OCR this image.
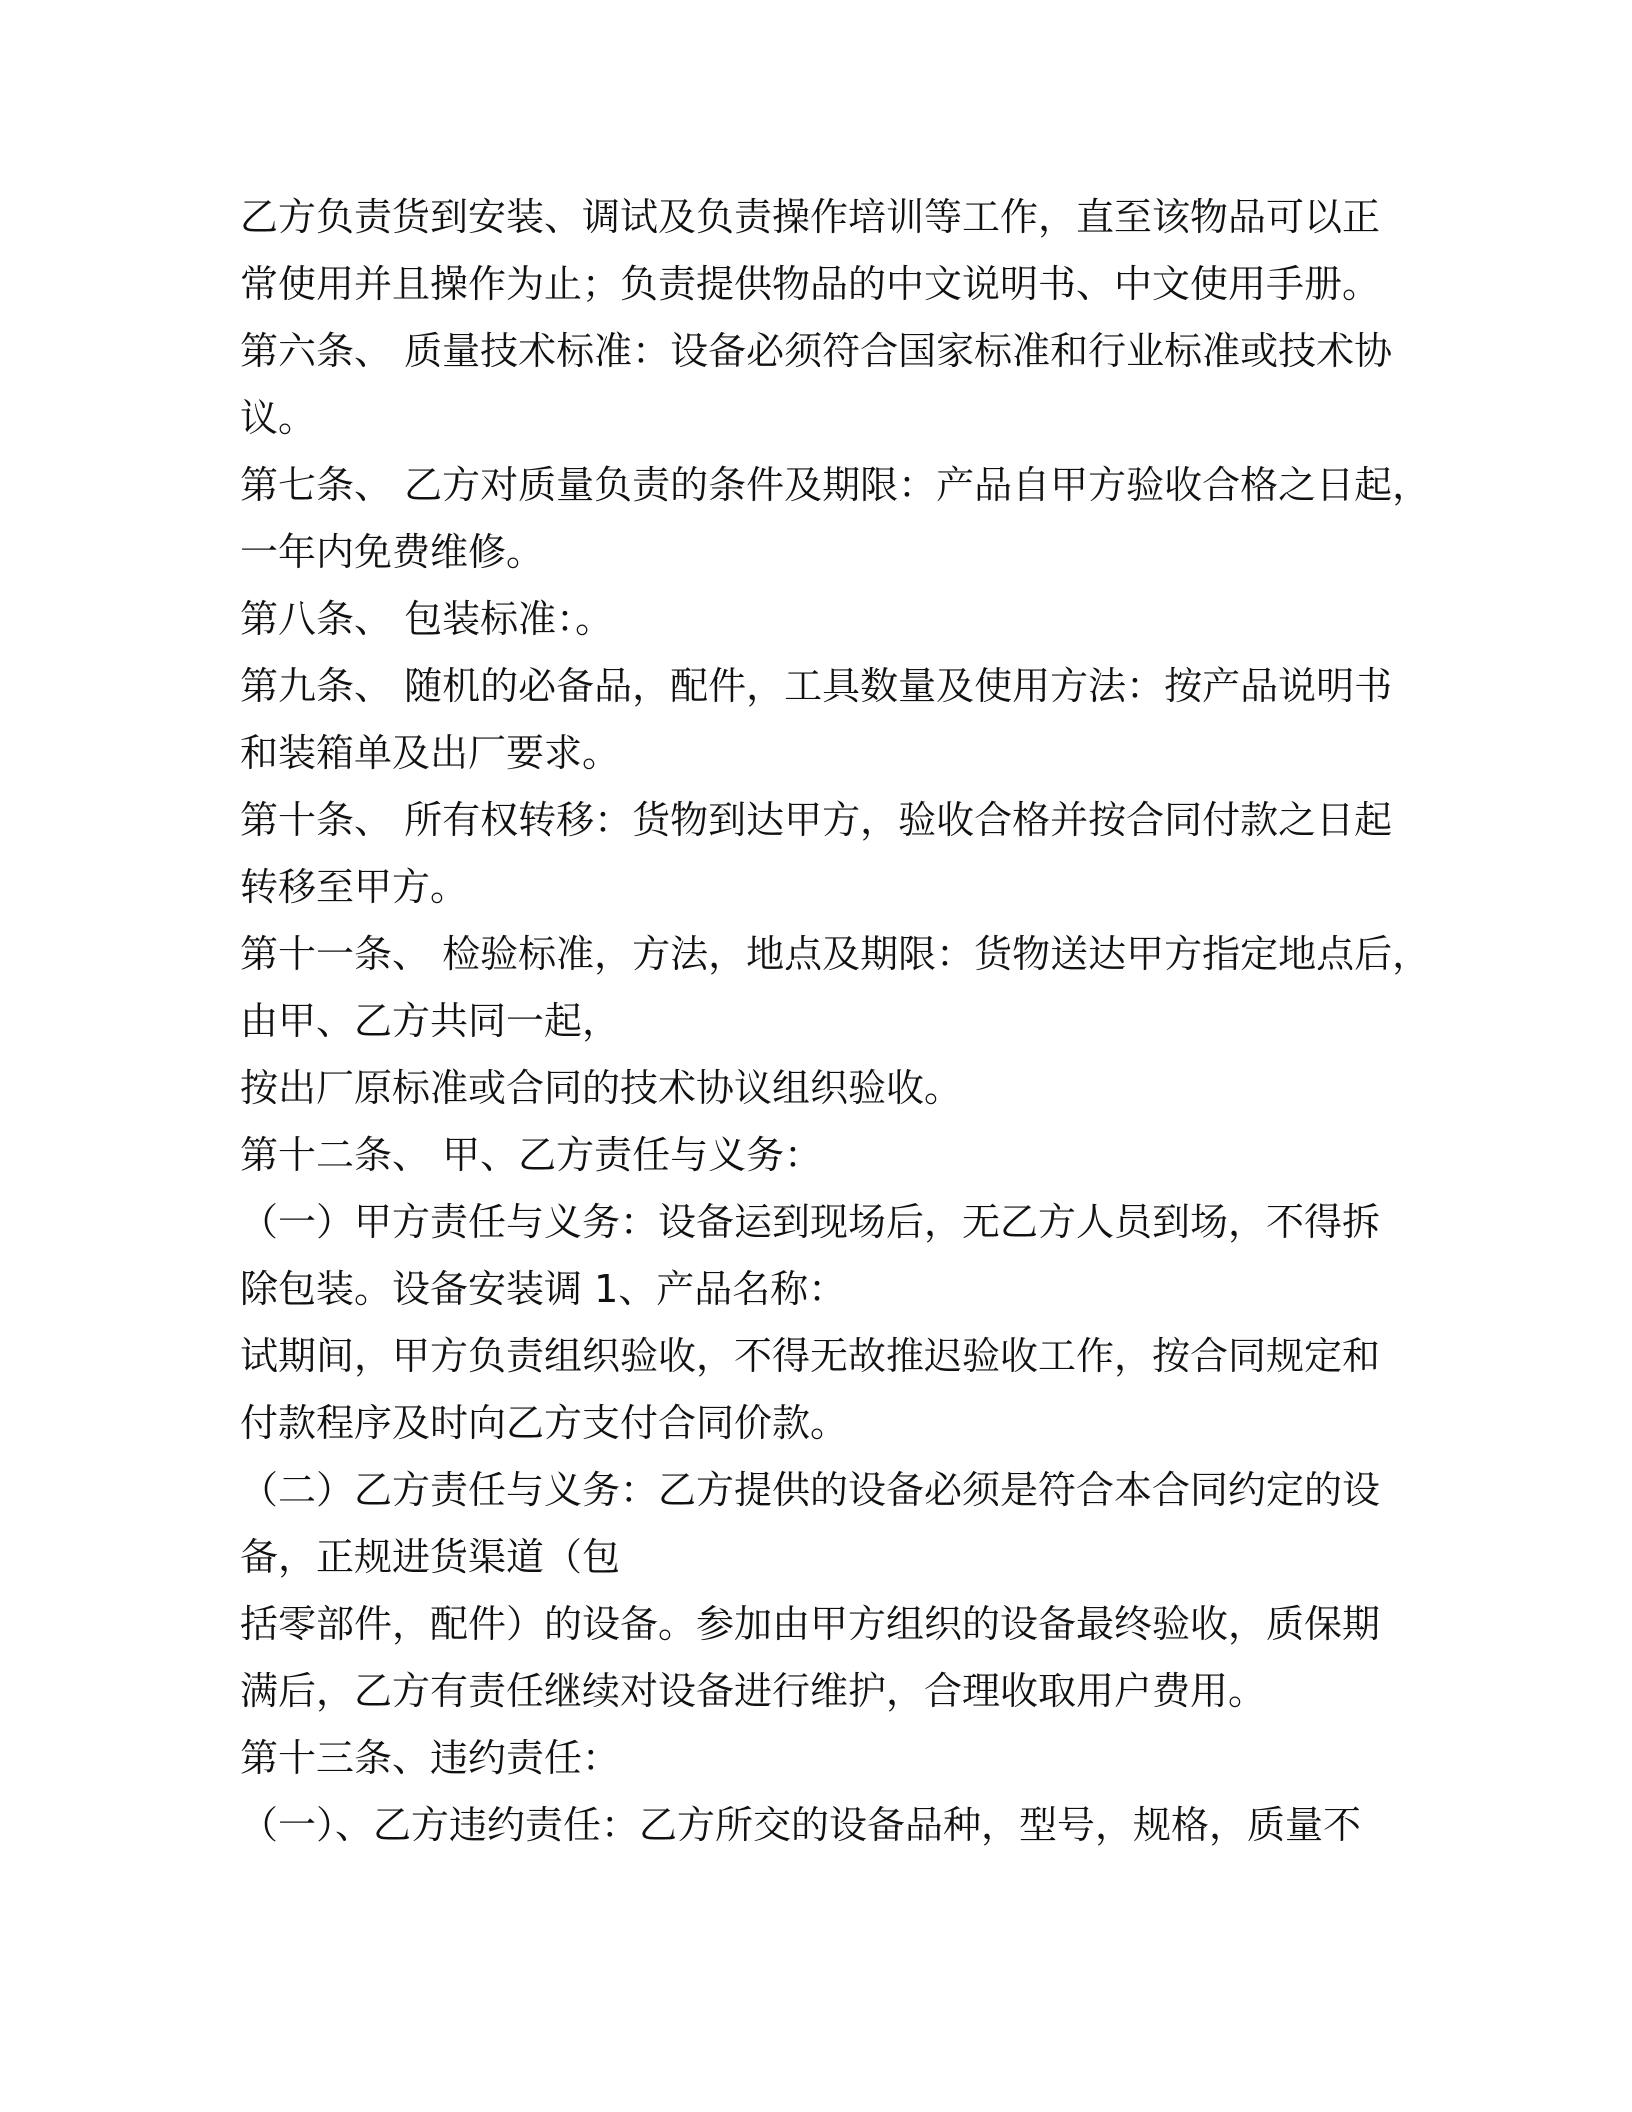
乙方负责货到安装、调试及负责操作培训等工作，直至该物品可以正
常使用并且操作为止；负责提供物品的中文说明书、中文使用手册。
第六条、 质量技术标准：设备必须符合国家标准和行业标准或技术协
议。
第七条、 乙方对质量负责的条件及期限：产品自甲方验收合格之日起，
一年内免费维修。
第八条、 包装标准：。
第九条、 随机的必备品，配件，工具数量及使用方法：按产品说明书
和装箱单及出厂要求。
第十条、 所有权转移：货物到达甲方，验收合格并按合同付款之日起
转移至甲方。
第十一条、 检验标准，方法，地点及期限：货物送达甲方指定地点后，
由甲、乙方共同一起，
按出厂原标准或合同的技术协议组织验收。
第十二条、 甲、乙方责任与义务：
（一）甲方责任与义务：设备运到现场后，无乙方人员到场，不得拆
除包装。设备安装调 1、产品名称：
试期间，甲方负责组织验收，不得无故推迟验收工作，按合同规定和
付款程序及时向乙方支付合同价款。
（二）乙方责任与义务：乙方提供的设备必须是符合本合同约定的设
备，正规进货渠道（包
括零部件，配件）的设备。参加由甲方组织的设备最终验收，质保期
满后，乙方有责任继续对设备进行维护，合理收取用户费用。
第十三条、违约责任：
（一）、乙方违约责任：乙方所交的设备品种，型号，规格，质量不
